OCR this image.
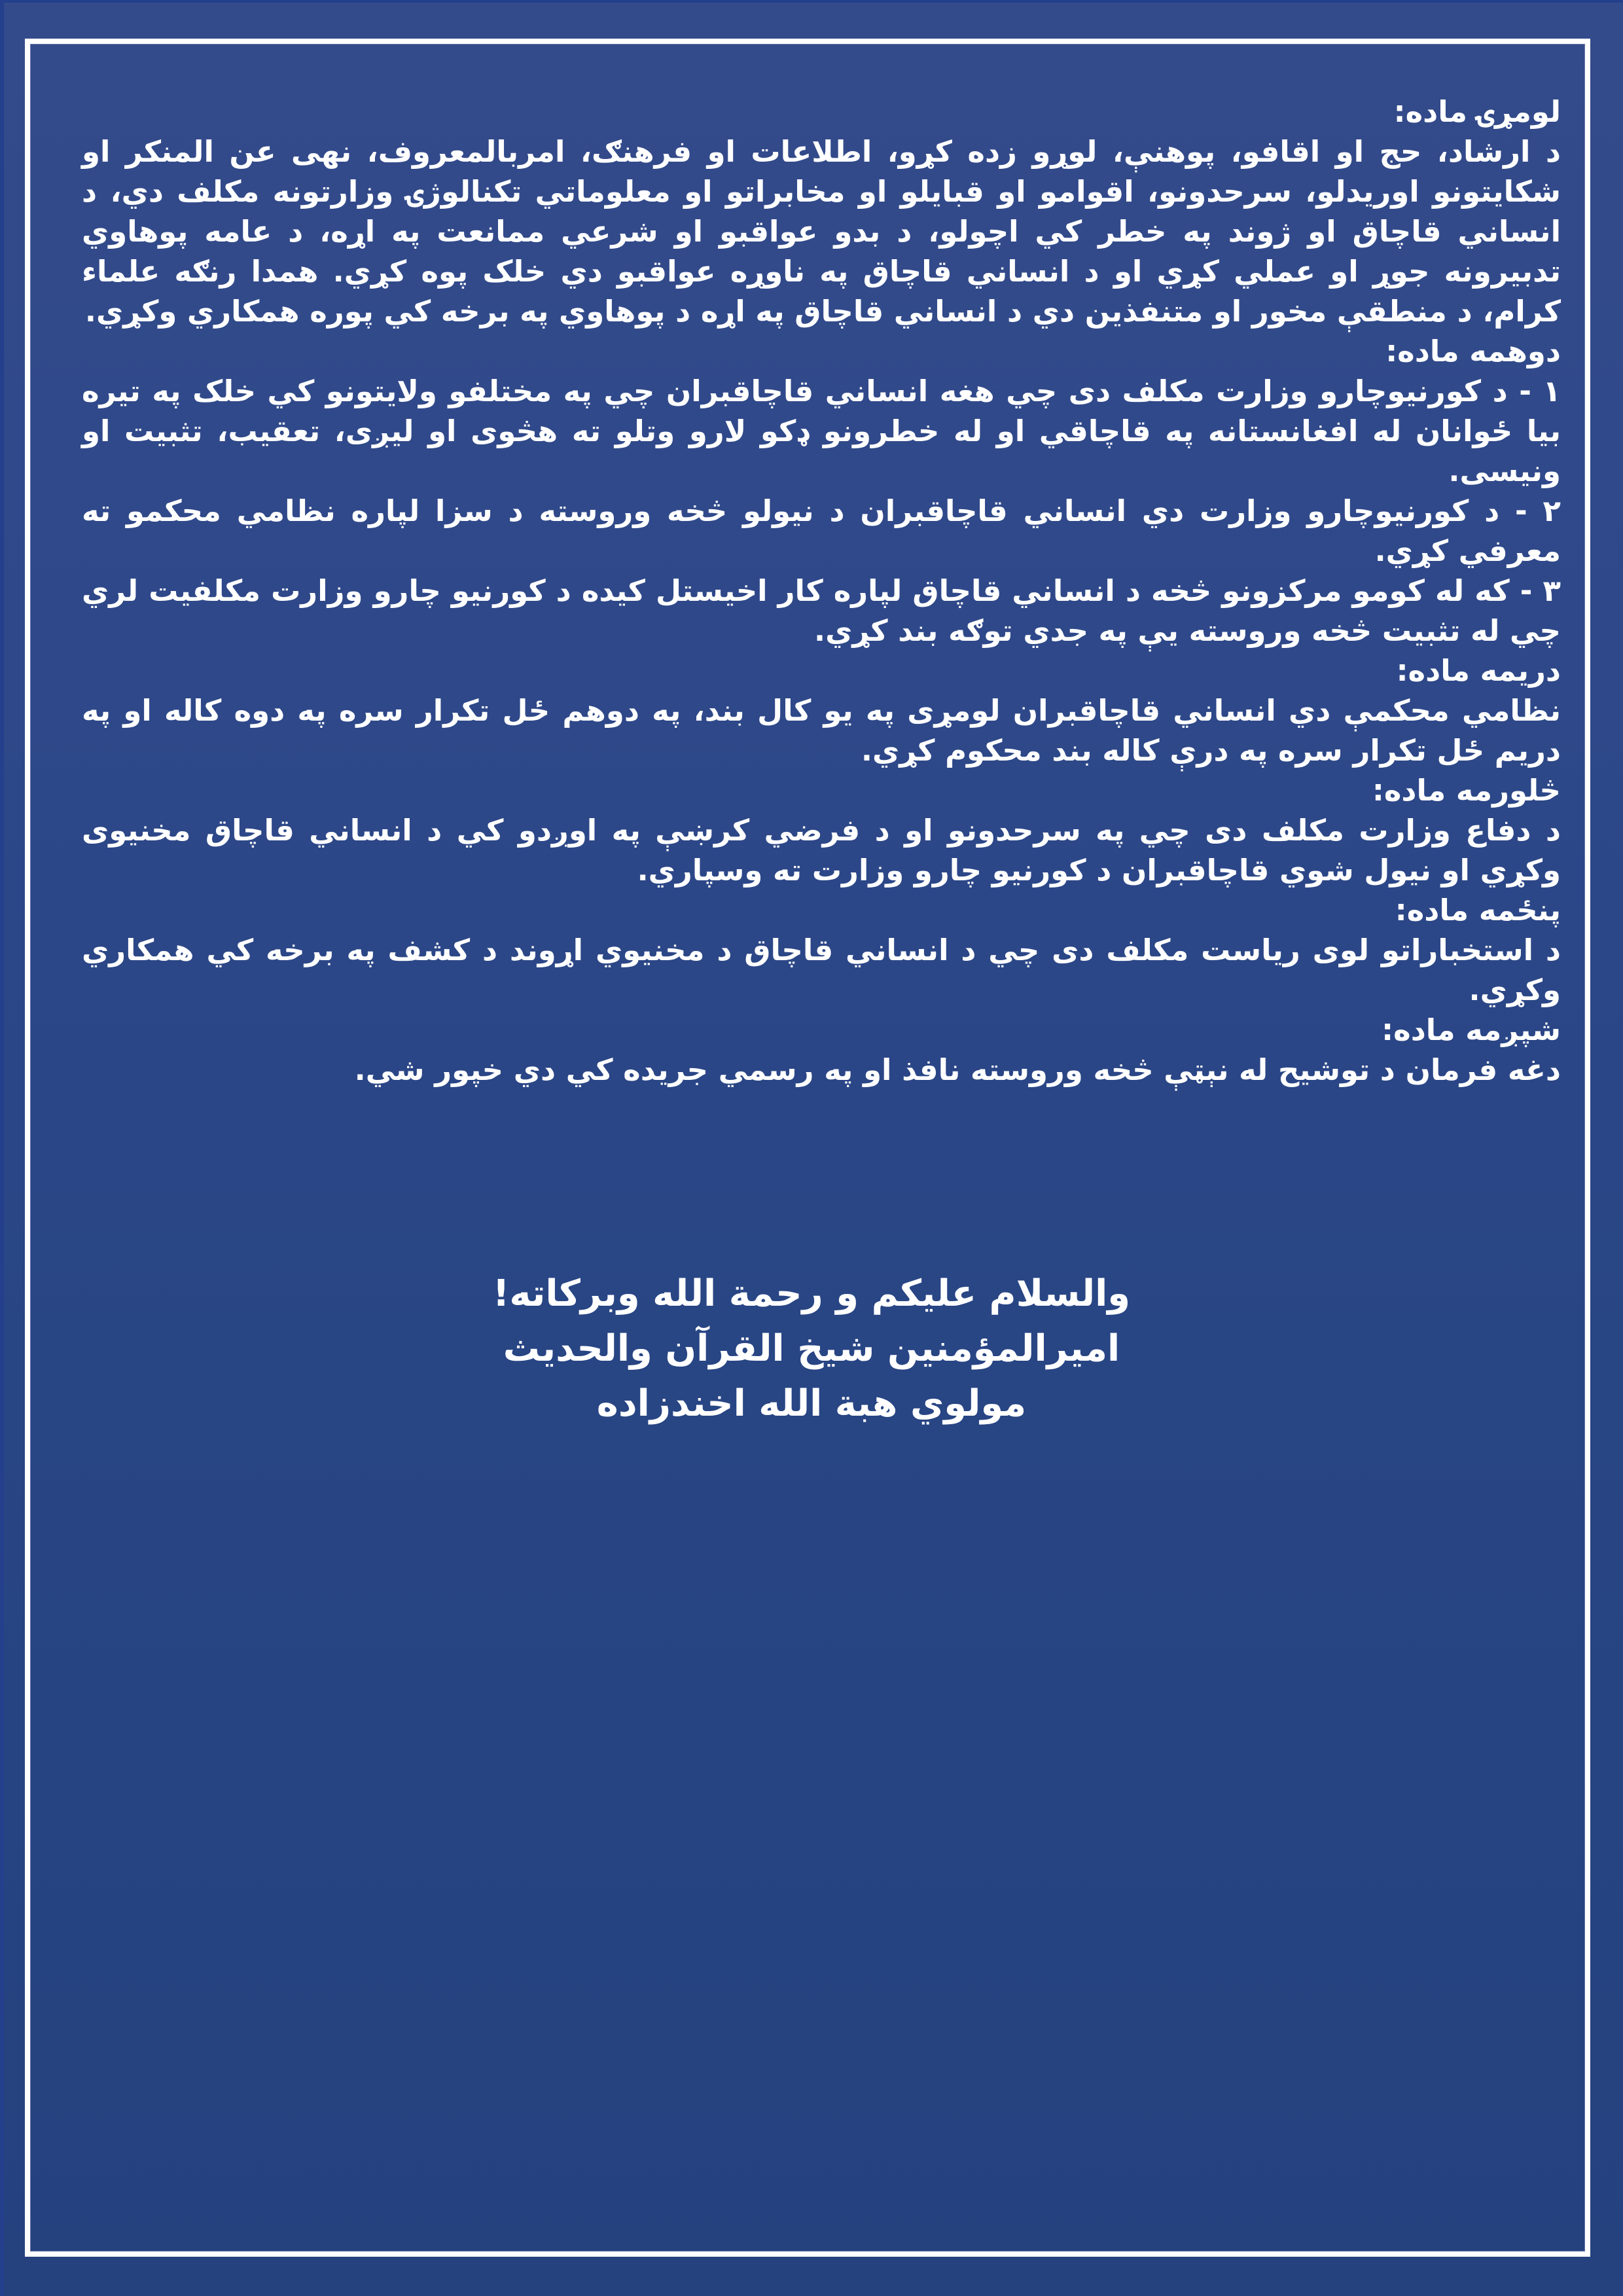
لومړۍ ماده:

د ارشاد، حج او اقافو، پوهنې، لوړو زده کړو، اطلاعات او فرهنګ، امربالمعروف، نهی عن المنکر او شکایتونو اوریدلو، سرحدونو، اقوامو او قبایلو او مخابراتو او معلوماتي تکنالوژۍ وزارتونه مکلف دي، د انساني قاچاق او ژوند په خطر کي اچولو، د بدو عواقبو او شرعي ممانعت په اړه، د عامه پوهاوي تدبیرونه جوړ او عملي کړي او د انساني قاچاق په ناوړه عواقبو دي خلک پوه کړي. همدا رنګه علماء کرام، د منطقې مخور او متنفذین دي د انساني قاچاق په اړه د پوهاوي په برخه کي پوره همکاري وکړي.

دوهمه ماده:

١ - د کورنیوچارو وزارت مکلف دی چي هغه انساني قاچاقبران چي په مختلفو ولایتونو کي خلک په تیره بیا ځوانان له افغانستانه په قاچاقي او له خطرونو ډکو لارو وتلو ته هڅوی او لیږی، تعقیب، تثبیت او ونیسی.

٢ - د کورنیوچارو وزارت دي انساني قاچاقبران د نیولو څخه وروسته د سزا لپاره نظامي محکمو ته معرفي کړي.

٣ - که له کومو مرکزونو څخه د انساني قاچاق لپاره کار اخیستل کیده د کورنیو چارو وزارت مکلفیت لري چي له تثبیت څخه وروسته یې په جدي توګه بند کړي.

دریمه ماده:

نظامي محکمې دي انساني قاچاقبران لومړی په یو کال بند، په دوهم ځل تکرار سره په دوه کاله او په دریم ځل تکرار سره په درې کاله بند محکوم کړي.

څلورمه ماده:

د دفاع وزارت مکلف دی چي په سرحدونو او د فرضي کرښې په اوږدو کي د انساني قاچاق مخنیوی وکړي او نیول شوي قاچاقبران د کورنیو چارو وزارت ته وسپاري.

پنځمه ماده:

د استخباراتو لوی ریاست مکلف دی چي د انساني قاچاق د مخنیوي اړوند د کشف په برخه کي همکاري وکړي.

شپږمه ماده:

دغه فرمان د توشیح له نېټې څخه وروسته نافذ او په رسمي جریده کي دي خپور شي.

والسلام علیکم و رحمة الله وبرکاته!
امیرالمؤمنین شیخ القرآن والحدیث
مولوي هبة الله اخندزاده
